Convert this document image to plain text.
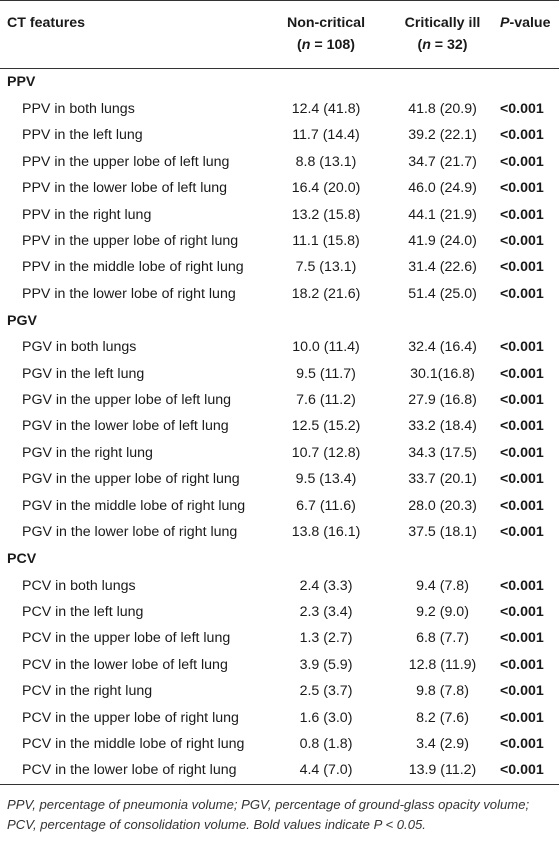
CT features	Non-critical	Critically ill	P-value
	(n = 108)	(n = 32)	
PPV			
PPV in both lungs	12.4 (41.8)	41.8 (20.9)	<0.001
PPV in the left lung	11.7 (14.4)	39.2 (22.1)	<0.001
PPV in the upper lobe of left lung	8.8 (13.1)	34.7 (21.7)	<0.001
PPV in the lower lobe of left lung	16.4 (20.0)	46.0 (24.9)	<0.001
PPV in the right lung	13.2 (15.8)	44.1 (21.9)	<0.001
PPV in the upper lobe of right lung	11.1 (15.8)	41.9 (24.0)	<0.001
PPV in the middle lobe of right lung	7.5 (13.1)	31.4 (22.6)	<0.001
PPV in the lower lobe of right lung	18.2 (21.6)	51.4 (25.0)	<0.001
PGV			
PGV in both lungs	10.0 (11.4)	32.4 (16.4)	<0.001
PGV in the left lung	9.5 (11.7)	30.1(16.8)	<0.001
PGV in the upper lobe of left lung	7.6 (11.2)	27.9 (16.8)	<0.001
PGV in the lower lobe of left lung	12.5 (15.2)	33.2 (18.4)	<0.001
PGV in the right lung	10.7 (12.8)	34.3 (17.5)	<0.001
PGV in the upper lobe of right lung	9.5 (13.4)	33.7 (20.1)	<0.001
PGV in the middle lobe of right lung	6.7 (11.6)	28.0 (20.3)	<0.001
PGV in the lower lobe of right lung	13.8 (16.1)	37.5 (18.1)	<0.001
PCV			
PCV in both lungs	2.4 (3.3)	9.4 (7.8)	<0.001
PCV in the left lung	2.3 (3.4)	9.2 (9.0)	<0.001
PCV in the upper lobe of left lung	1.3 (2.7)	6.8 (7.7)	<0.001
PCV in the lower lobe of left lung	3.9 (5.9)	12.8 (11.9)	<0.001
PCV in the right lung	2.5 (3.7)	9.8 (7.8)	<0.001
PCV in the upper lobe of right lung	1.6 (3.0)	8.2 (7.6)	<0.001
PCV in the middle lobe of right lung	0.8 (1.8)	3.4 (2.9)	<0.001
PCV in the lower lobe of right lung	4.4 (7.0)	13.9 (11.2)	<0.001
PPV, percentage of pneumonia volume; PGV, percentage of ground-glass opacity volume; PCV, percentage of consolidation volume. Bold values indicate P < 0.05.
